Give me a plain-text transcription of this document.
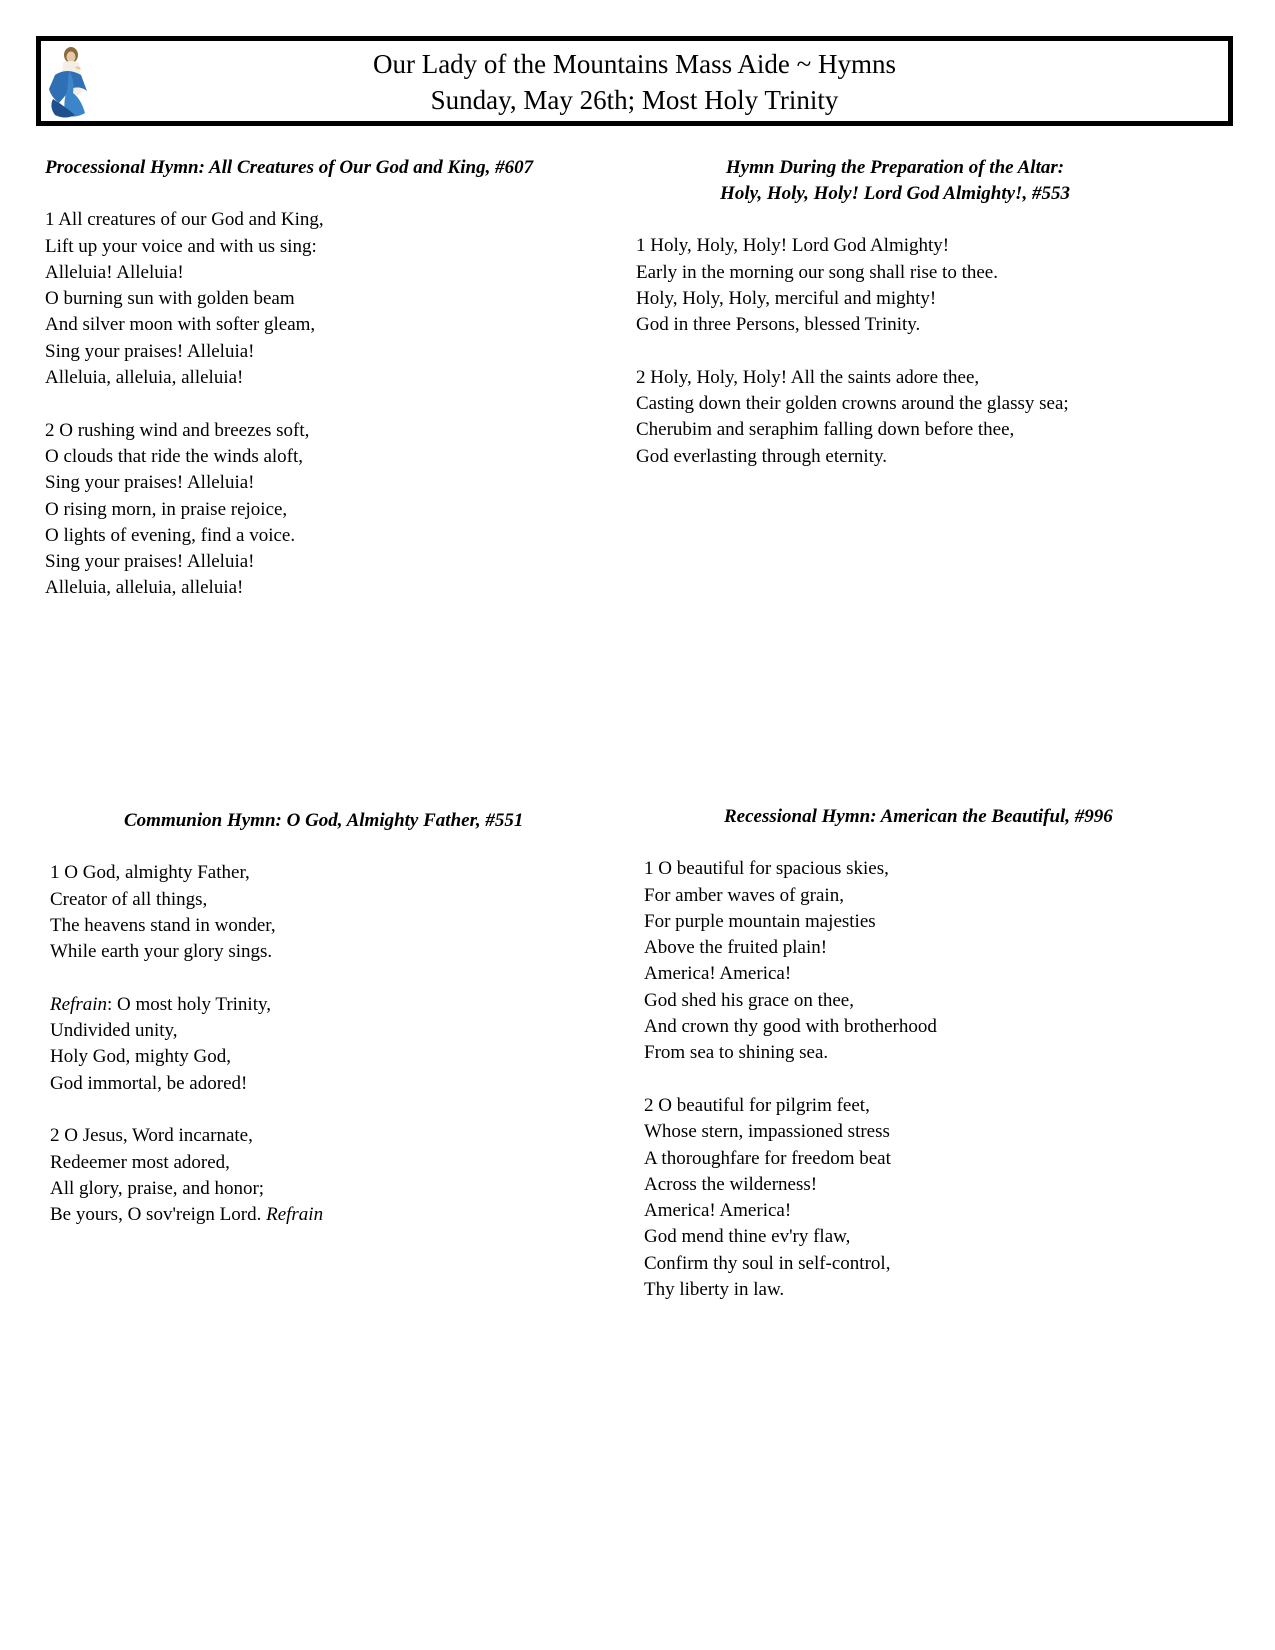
Our Lady of the Mountains Mass Aide ~ Hymns
Sunday, May 26th; Most Holy Trinity
Processional Hymn: All Creatures of Our God and King, #607
1 All creatures of our God and King,
Lift up your voice and with us sing:
Alleluia! Alleluia!
O burning sun with golden beam
And silver moon with softer gleam,
Sing your praises! Alleluia!
Alleluia, alleluia, alleluia!
2 O rushing wind and breezes soft,
O clouds that ride the winds aloft,
Sing your praises! Alleluia!
O rising morn, in praise rejoice,
O lights of evening, find a voice.
Sing your praises! Alleluia!
Alleluia, alleluia, alleluia!
Hymn During the Preparation of the Altar:
Holy, Holy, Holy! Lord God Almighty!, #553
1 Holy, Holy, Holy! Lord God Almighty!
Early in the morning our song shall rise to thee.
Holy, Holy, Holy, merciful and mighty!
God in three Persons, blessed Trinity.
2 Holy, Holy, Holy! All the saints adore thee,
Casting down their golden crowns around the glassy sea;
Cherubim and seraphim falling down before thee,
God everlasting through eternity.
Communion Hymn: O God, Almighty Father, #551
1 O God, almighty Father,
Creator of all things,
The heavens stand in wonder,
While earth your glory sings.
Refrain: O most holy Trinity,
Undivided unity,
Holy God, mighty God,
God immortal, be adored!
2 O Jesus, Word incarnate,
Redeemer most adored,
All glory, praise, and honor;
Be yours, O sov'reign Lord. Refrain
Recessional Hymn: American the Beautiful, #996
1 O beautiful for spacious skies,
For amber waves of grain,
For purple mountain majesties
Above the fruited plain!
America! America!
God shed his grace on thee,
And crown thy good with brotherhood
From sea to shining sea.
2 O beautiful for pilgrim feet,
Whose stern, impassioned stress
A thoroughfare for freedom beat
Across the wilderness!
America! America!
God mend thine ev'ry flaw,
Confirm thy soul in self-control,
Thy liberty in law.
